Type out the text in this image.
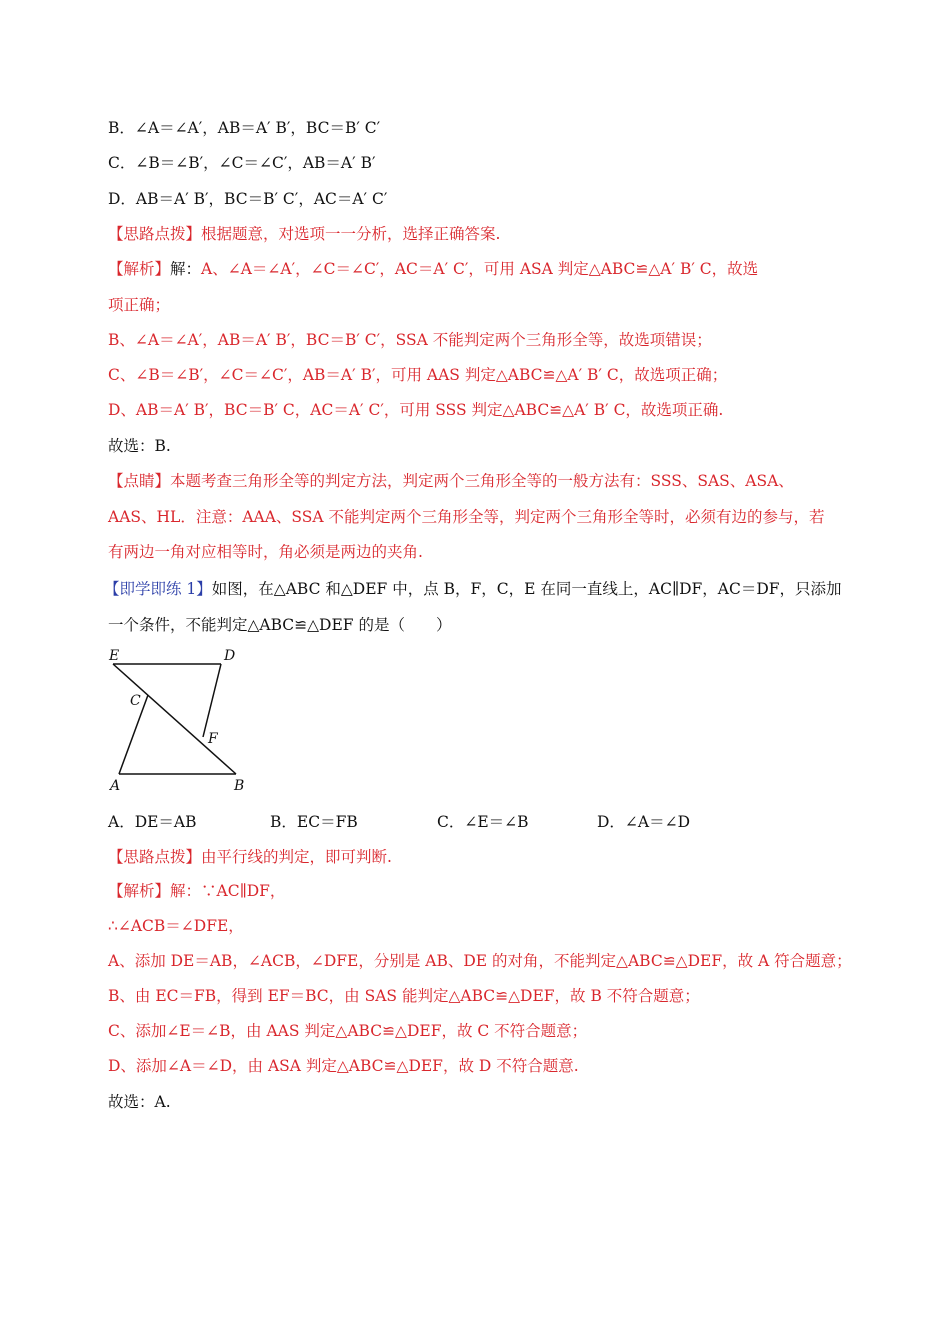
B．∠A＝∠A′，AB＝A′ B′，BC＝B′ C′
C．∠B＝∠B′，∠C＝∠C′，AB＝A′ B′
D．AB＝A′ B′，BC＝B′ C′，AC＝A′ C′
【思路点拨】根据题意，对选项一一分析，选择正确答案.
【解析】解：A、∠A＝∠A′，∠C＝∠C′，AC＝A′ C′，可用 ASA 判定△ABC≌△A′ B′ C，故选
项正确；
B、∠A＝∠A′，AB＝A′ B′，BC＝B′ C′，SSA 不能判定两个三角形全等，故选项错误；
C、∠B＝∠B′，∠C＝∠C′，AB＝A′ B′，可用 AAS 判定△ABC≌△A′ B′ C，故选项正确；
D、AB＝A′ B′，BC＝B′ C，AC＝A′ C′，可用 SSS 判定△ABC≌△A′ B′ C，故选项正确.
故选：B.
【点睛】本题考查三角形全等的判定方法，判定两个三角形全等的一般方法有：SSS、SAS、ASA、
AAS、HL．注意：AAA、SSA 不能判定两个三角形全等，判定两个三角形全等时，必须有边的参与，若
有两边一角对应相等时，角必须是两边的夹角.
【即学即练 1】如图，在△ABC 和△DEF 中，点 B，F，C，E 在同一直线上，AC∥DF，AC＝DF，只添加
一个条件，不能判定△ABC≌△DEF 的是（　　）
E	D
C
F
A	B
A．DE＝AB	B．EC＝FB	C．∠E＝∠B	D．∠A＝∠D
【思路点拨】由平行线的判定，即可判断.
【解析】解：∵AC∥DF，
∴∠ACB＝∠DFE，
A、添加 DE＝AB，∠ACB，∠DFE，分别是 AB、DE 的对角，不能判定△ABC≌△DEF，故 A 符合题意；
B、由 EC＝FB，得到 EF＝BC，由 SAS 能判定△ABC≌△DEF，故 B 不符合题意；
C、添加∠E＝∠B，由 AAS 判定△ABC≌△DEF，故 C 不符合题意；
D、添加∠A＝∠D，由 ASA 判定△ABC≌△DEF，故 D 不符合题意.
故选：A.
